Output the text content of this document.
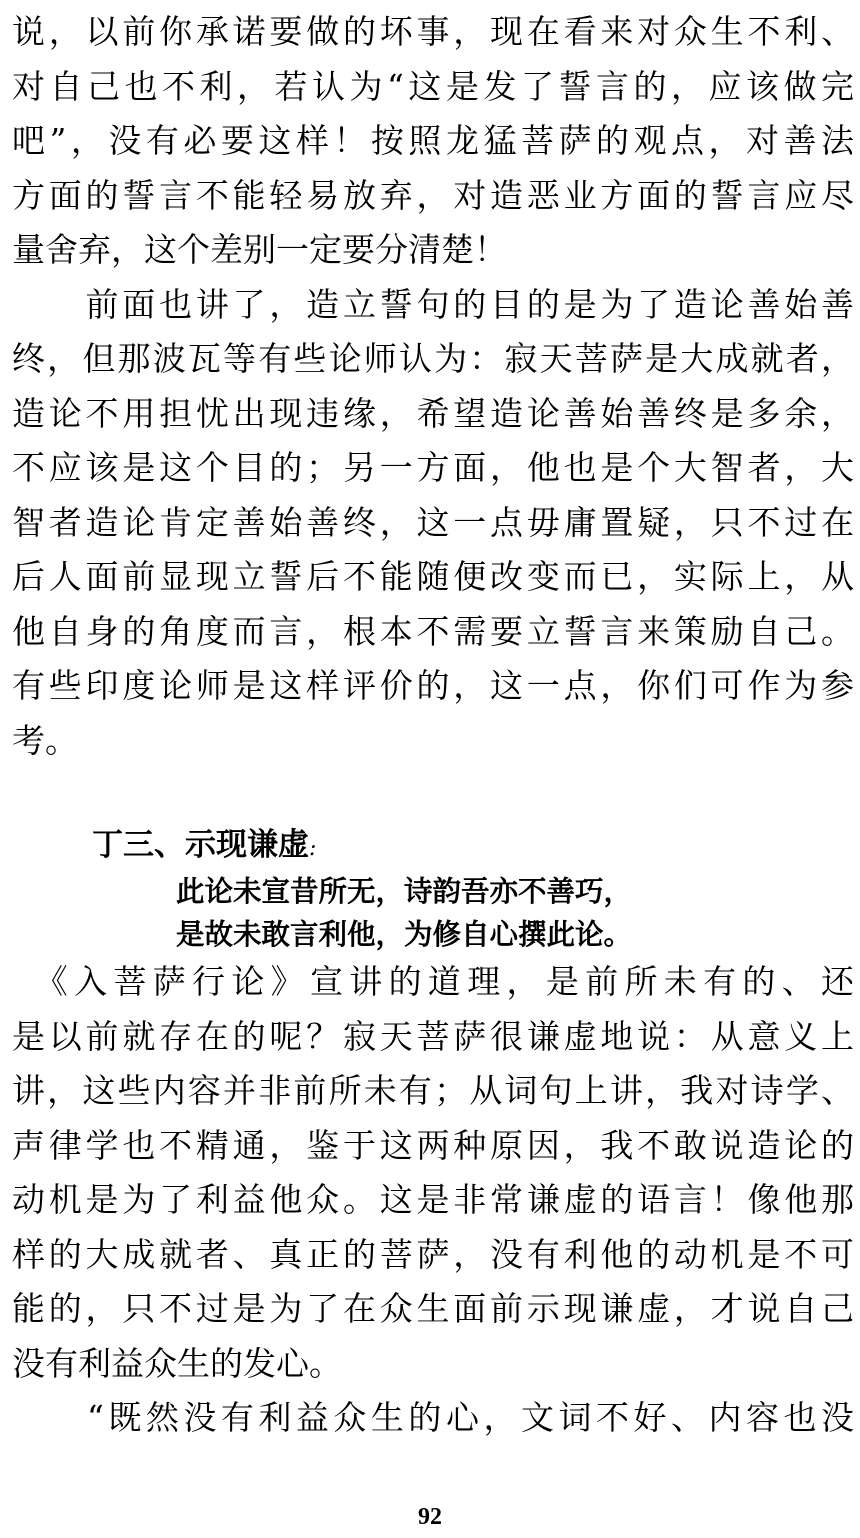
说，以前你承诺要做的坏事，现在看来对众生不利、
对自己也不利，若认为“这是发了誓言的，应该做完
吧”，没有必要这样！按照龙猛菩萨的观点，对善法
方面的誓言不能轻易放弃，对造恶业方面的誓言应尽
量舍弃，这个差别一定要分清楚！
　　前面也讲了，造立誓句的目的是为了造论善始善
终，但那波瓦等有些论师认为：寂天菩萨是大成就者，
造论不用担忧出现违缘，希望造论善始善终是多余，
不应该是这个目的；另一方面，他也是个大智者，大
智者造论肯定善始善终，这一点毋庸置疑，只不过在
后人面前显现立誓后不能随便改变而已，实际上，从
他自身的角度而言，根本不需要立誓言来策励自己。
有些印度论师是这样评价的，这一点，你们可作为参
考。
丁三、示现谦虚:
此论未宣昔所无，诗韵吾亦不善巧，
是故未敢言利他，为修自心撰此论。
　《入菩萨行论》宣讲的道理，是前所未有的、还
是以前就存在的呢？寂天菩萨很谦虚地说：从意义上
讲，这些内容并非前所未有；从词句上讲，我对诗学、
声律学也不精通，鉴于这两种原因，我不敢说造论的
动机是为了利益他众。这是非常谦虚的语言！像他那
样的大成就者、真正的菩萨，没有利他的动机是不可
能的，只不过是为了在众生面前示现谦虚，才说自己
没有利益众生的发心。
　　“既然没有利益众生的心，文词不好、内容也没
92
